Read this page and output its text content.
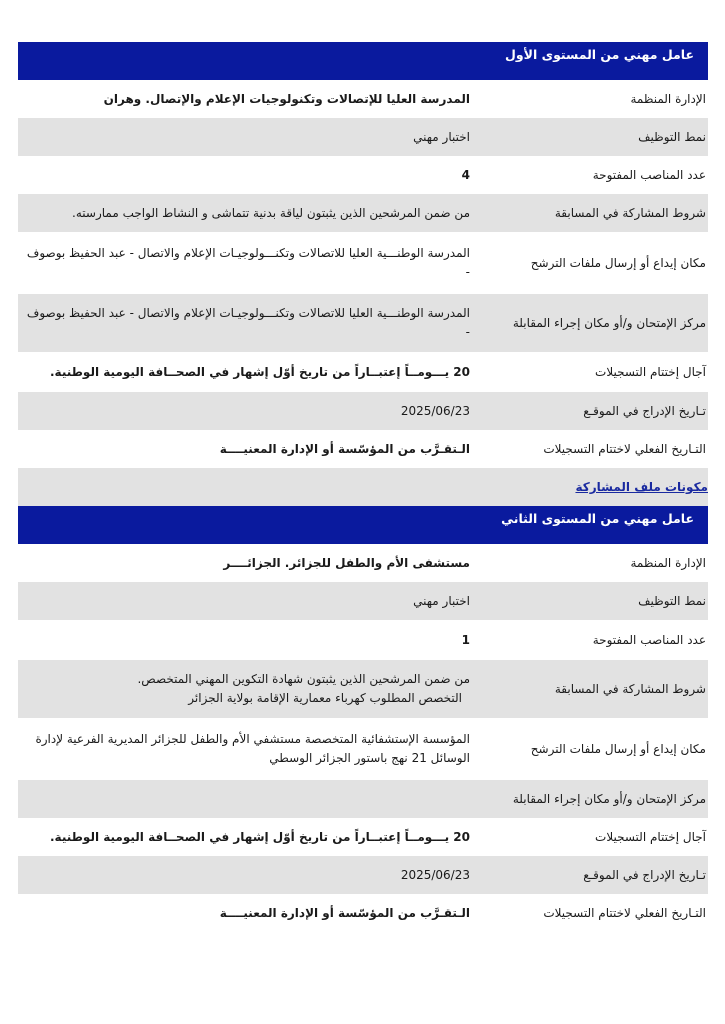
عامل مهني من المستوى الأول
الإدارة المنظمة
المدرسة العليا للإتصالات وتكنولوجيات الإعلام والإتصال. وهران
نمط التوظيف
اختبار مهني
عدد المناصب المفتوحة
4
شروط المشاركة في المسابقة
من ضمن المرشحين الذين يثبتون لياقة بدنية تتماشى و النشاط الواجب ممارسته.
مكان إيداع أو إرسال ملفات الترشح
المدرسة الوطنـــية العليا للاتصالات وتكنـــولوجيـات الإعلام والاتصال - عبد الحفيظ بوصوف -
مركز الإمتحان و/أو مكان إجراء المقابلة
المدرسة الوطنـــية العليا للاتصالات وتكنـــولوجيـات الإعلام والاتصال - عبد الحفيظ بوصوف -
آجال إختتام التسجيلات
20 يـــومــاً إعتبــاراً من تاريخ أوّل إشهار في الصحــافة اليومية الوطنية.
تـاريخ الإدراج في الموقـع
2025/06/23
التـاريخ الفعلي لاختتام التسجيلات
الـتقـرَّب من المؤسّسة أو الإدارة المعنيــــة
مكونات ملف المشاركة
عامل مهني من المستوى الثاني
الإدارة المنظمة
مستشفى الأم والطفل للجزائر. الجزائــــر
نمط التوظيف
اختبار مهني
عدد المناصب المفتوحة
1
شروط المشاركة في المسابقة
من ضمن المرشحين الذين يثبتون شهادة التكوين المهني المتخصص.
التخصص المطلوب كهرباء معمارية الإقامة بولاية الجزائر
مكان إيداع أو إرسال ملفات الترشح
المؤسسة الإستشفائية المتخصصة مستشفي الأم والطفل للجزائر المديرية الفرعية لإدارة الوسائل 21 نهج باستور الجزائر الوسطي
مركز الإمتحان و/أو مكان إجراء المقابلة
آجال إختتام التسجيلات
20 يـــومــاً إعتبــاراً من تاريخ أوّل إشهار في الصحــافة اليومية الوطنية.
تـاريخ الإدراج في الموقـع
2025/06/23
التـاريخ الفعلي لاختتام التسجيلات
الـتقـرَّب من المؤسّسة أو الإدارة المعنيــــة
